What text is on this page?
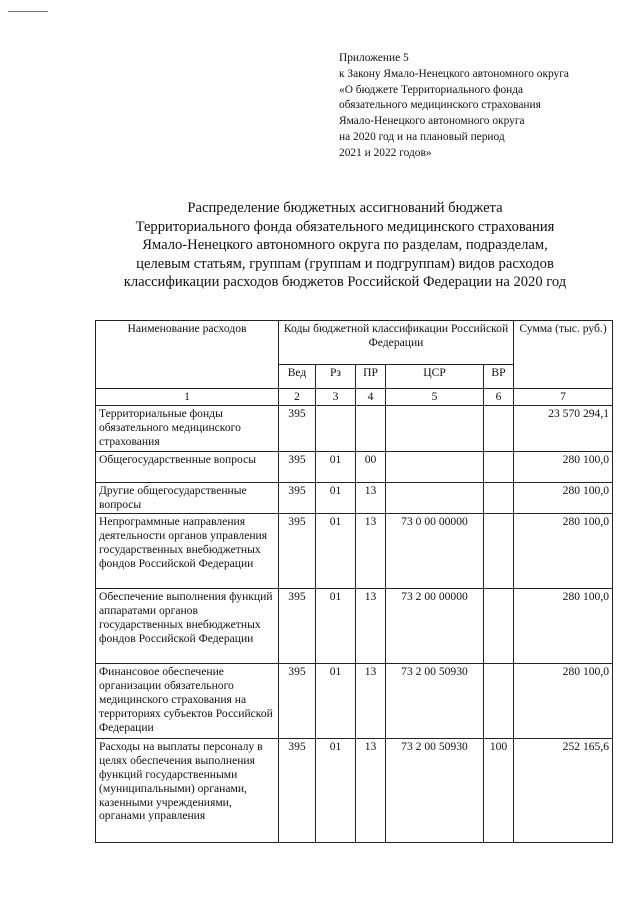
Приложение 5
к Закону Ямало-Ненецкого автономного округа
«О бюджете Территориального фонда
обязательного медицинского страхования
Ямало-Ненецкого автономного округа
на 2020 год и на плановый период
2021 и 2022 годов»
Распределение бюджетных ассигнований бюджета
Территориального фонда обязательного медицинского страхования
Ямало-Ненецкого автономного округа по разделам, подразделам,
целевым статьям, группам (группам и подгруппам) видов расходов
классификации расходов бюджетов Российской Федерации на 2020 год
Наименование расходов	Коды бюджетной классификации Российской Федерации					Сумма (тыс. руб.)
	Вед	Рз	ПР	ЦСР	ВР	
1	2	3	4	5	6	7
Территориальные фонды обязательного медицинского страхования	395					23 570 294,1
Общегосударственные вопросы	395	01	00			280 100,0
Другие общегосударственные вопросы	395	01	13			280 100,0
Непрограммные направления деятельности органов управления государственных внебюджетных фондов Российской Федерации	395	01	13	73 0 00 00000		280 100,0
Обеспечение выполнения функций аппаратами органов государственных внебюджетных фондов Российской Федерации	395	01	13	73 2 00 00000		280 100,0
Финансовое обеспечение организации обязательного медицинского страхования на территориях субъектов Российской Федерации	395	01	13	73 2 00 50930		280 100,0
Расходы на выплаты персоналу в целях обеспечения выполнения функций государственными (муниципальными) органами, казенными учреждениями, органами управления	395	01	13	73 2 00 50930	100	252 165,6
